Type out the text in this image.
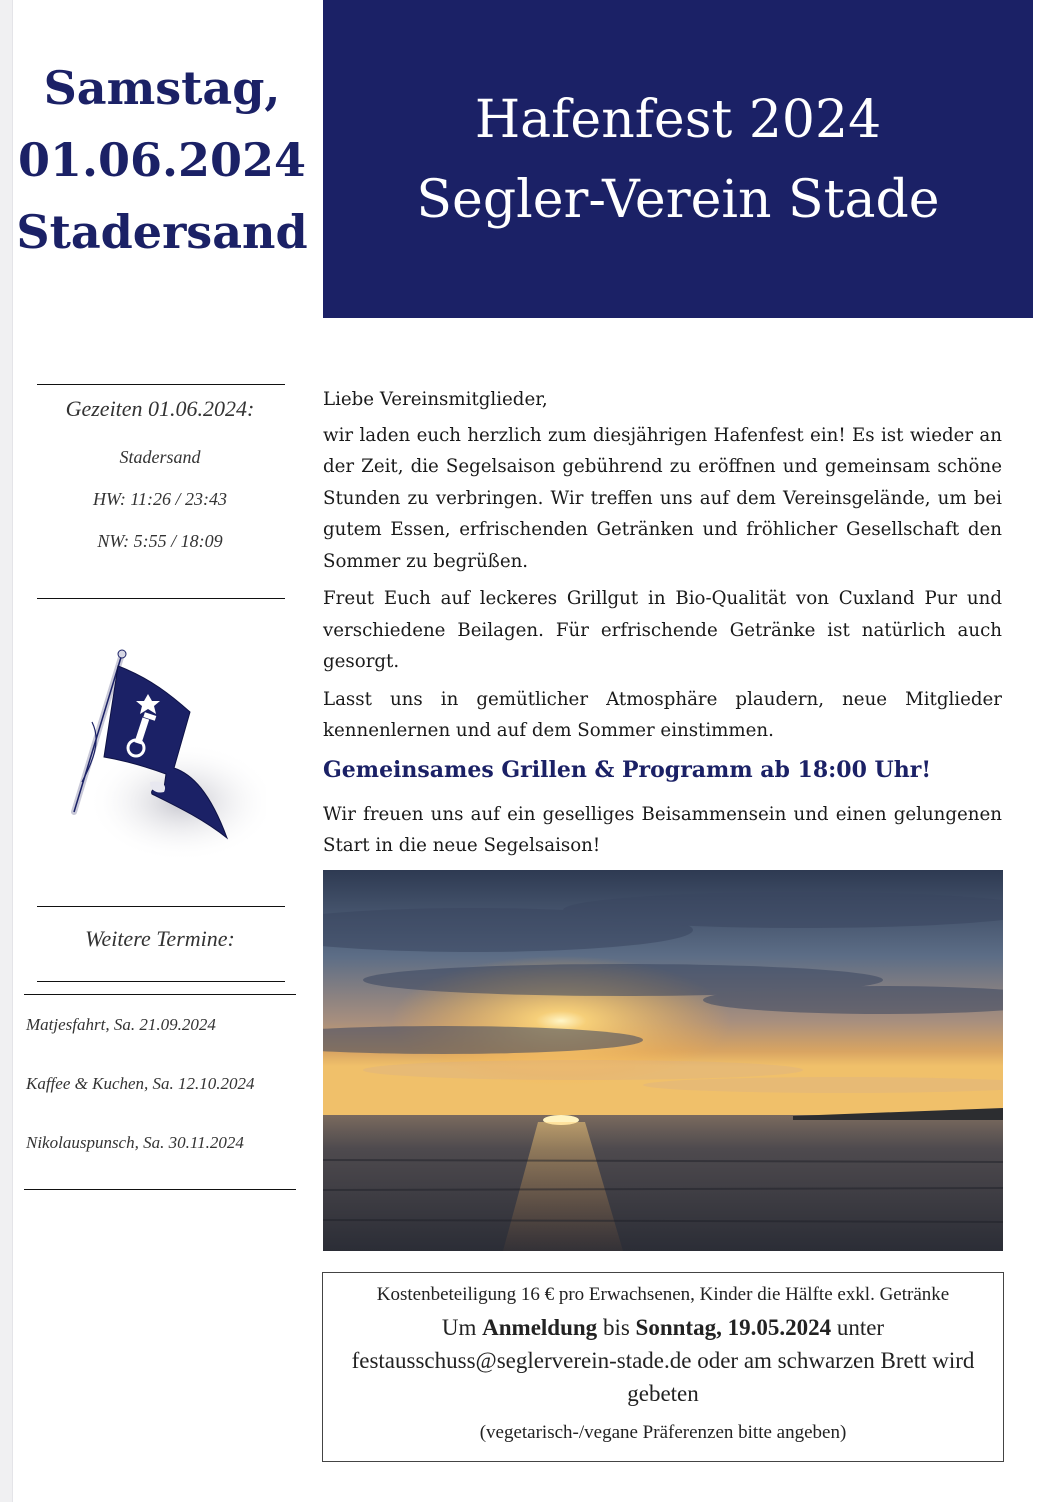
Samstag,
01.06.2024
Stadersand
Gezeiten 01.06.2024:
Stadersand
HW: 11:26 / 23:43
NW: 5:55 / 18:09
Weitere Termine:
Matjesfahrt, Sa. 21.09.2024
Kaffee & Kuchen, Sa. 12.10.2024
Nikolauspunsch, Sa. 30.11.2024
Hafenfest 2024
Segler-Verein Stade

Liebe Vereinsmitglieder,

wir laden euch herzlich zum diesjährigen Hafenfest ein! Es ist wieder an der Zeit, die Segelsaison gebührend zu eröffnen und gemeinsam schöne Stunden zu verbringen. Wir treffen uns auf dem Vereinsgelände, um bei gutem Essen, erfrischenden Getränken und fröhlicher Gesellschaft den Sommer zu begrüßen.

Freut Euch auf leckeres Grillgut in Bio-Qualität von Cuxland Pur und verschiedene Beilagen. Für erfrischende Getränke ist natürlich auch gesorgt.

Lasst uns in gemütlicher Atmosphäre plaudern, neue Mitglieder kennenlernen und auf dem Sommer einstimmen.

Gemeinsames Grillen & Programm ab 18:00 Uhr!

Wir freuen uns auf ein geselliges Beisammensein und einen gelungenen Start in die neue Segelsaison!

Kostenbeteiligung 16 € pro Erwachsenen, Kinder die Hälfte exkl. Getränke
Um Anmeldung bis Sonntag, 19.05.2024 unter
festausschuss@seglerverein-stade.de oder am schwarzen Brett wird gebeten
(vegetarisch-/vegane Präferenzen bitte angeben)
